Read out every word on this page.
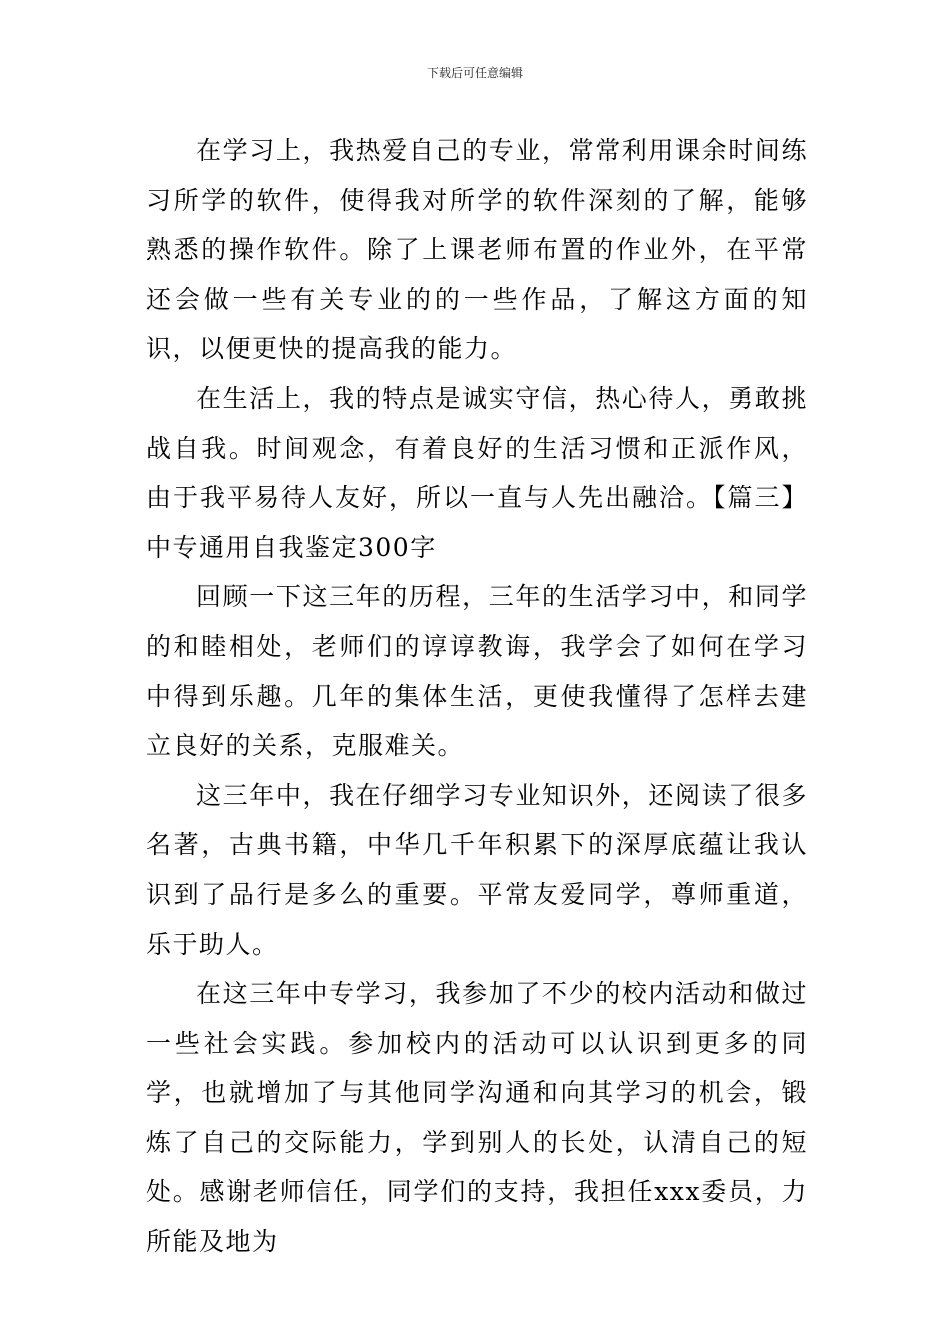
下载后可任意编辑

在学习上，我热爱自己的专业，常常利用课余时间练习所学的软件，使得我对所学的软件深刻的了解，能够熟悉的操作软件。除了上课老师布置的作业外，在平常还会做一些有关专业的的一些作品，了解这方面的知识，以便更快的提高我的能力。

在生活上，我的特点是诚实守信，热心待人，勇敢挑战自我。时间观念，有着良好的生活习惯和正派作风，由于我平易待人友好，所以一直与人先出融洽。【篇三】中专通用自我鉴定300字

回顾一下这三年的历程，三年的生活学习中，和同学的和睦相处，老师们的谆谆教诲，我学会了如何在学习中得到乐趣。几年的集体生活，更使我懂得了怎样去建立良好的关系，克服难关。

这三年中，我在仔细学习专业知识外，还阅读了很多名著，古典书籍，中华几千年积累下的深厚底蕴让我认识到了品行是多么的重要。平常友爱同学，尊师重道，乐于助人。

在这三年中专学习，我参加了不少的校内活动和做过一些社会实践。参加校内的活动可以认识到更多的同学，也就增加了与其他同学沟通和向其学习的机会，锻炼了自己的交际能力，学到别人的长处，认清自己的短处。感谢老师信任，同学们的支持，我担任xxx委员，力所能及地为
